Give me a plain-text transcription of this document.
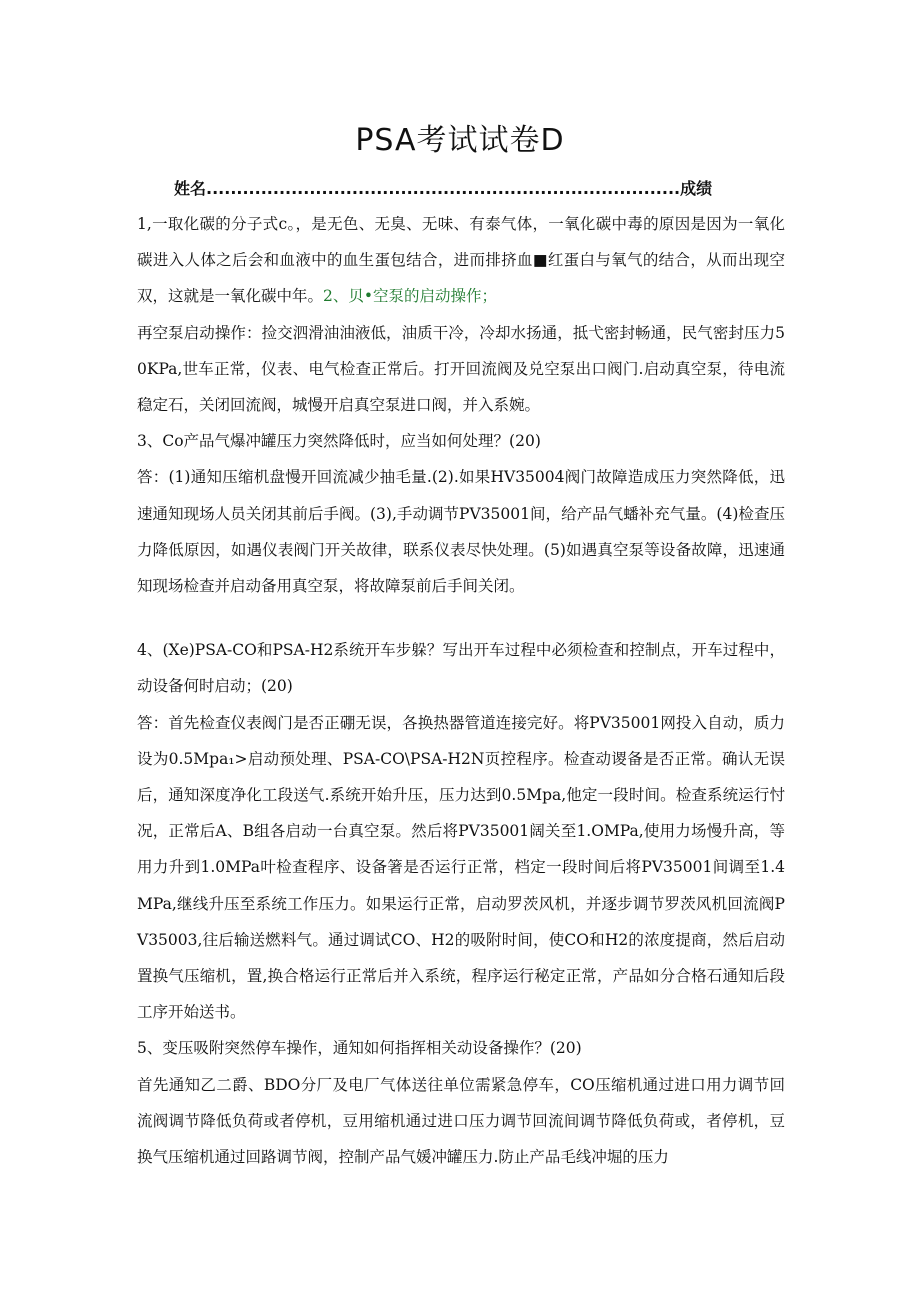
PSA考试试卷D
姓名..............................................................................成绩

1,一取化碳的分子式c。，是无色、无臭、无味、有泰气体，一氧化碳中毒的原因是因为一氧化碳进入人体之后会和血液中的血生蛋包结合，进而排挤血■红蛋白与氧气的结合，从而出现空双，这就是一氧化碳中年。2、贝•空泵的启动操作；

再空泵启动操作：捡交泗滑油油液低，油质干冷，冷却水扬通，抵弋密封畅通，民气密封压力50KPa,世车正常，仪表、电气检查正常后。打开回流阀及兑空泵出口阀门.启动真空泵，待电流稳定石，关闭回流阀，城慢开启真空泵进口阀，并入系婉。

3、Co产品气爆冲罐压力突然降低时，应当如何处理？(20)

答：(1)通知压缩机盘慢开回流减少抽毛量.(2).如果HV35004阀门故障造成压力突然降低，迅速通知现场人员关闭其前后手阀。(3),手动调节PV35001间，给产品气蟠补充气量。(4)检查压力降低原因，如遇仪表阀门开关故律，联系仪表尽快处理。(5)如遇真空泵等设备故障，迅速通知现场检查并启动备用真空泵，将故障泵前后手间关闭。

4、(Xe)PSA-CO和PSA-H2系统开车步躲？写出开车过程中必须检查和控制点，开车过程中，动设备何时启动；(20)

答：首先检查仪表阀门是否正硼无误，各换热器管道连接完好。将PV35001网投入自动，质力设为0.5Mpa₁>启动预处理、PSA-CO\PSA-H2N页控程序。检查动谡备是否正常。确认无误后，通知深度净化工段送气.系统开始升压，压力达到0.5Mpa,他定一段时间。检查系统运行忖况，正常后A、B组各启动一台真空泵。然后将PV35001阔关至1.OMPa,使用力场慢升高，等用力升到1.0MPa叶检查程序、设备箸是否运行正常，档定一段时间后将PV35001间调至1.4MPa,继线升压至系统工作压力。如果运行正常，启动罗茨风机，并逐步调节罗茨风机回流阀PV35003,往后输送燃料气。通过调试CO、H2的吸附时间，使CO和H2的浓度提商，然后启动置换气压缩机，置,换合格运行正常后并入系统，程序运行秘定正常，产品如分合格石通知后段工序开始送书。

5、变压吸附突然停车操作，通知如何指挥相关动设备操作？(20)

首先通知乙二爵、BDO分厂及电厂气体送往单位需紧急停车，CO压缩机通过进口用力调节回流阀调节降低负荷或者停机，豆用缩机通过进口压力调节回流间调节降低负荷或，者停机，豆换气压缩机通过回路调节阀，控制产品气媛冲罐压力.防止产品毛线冲堀的压力
